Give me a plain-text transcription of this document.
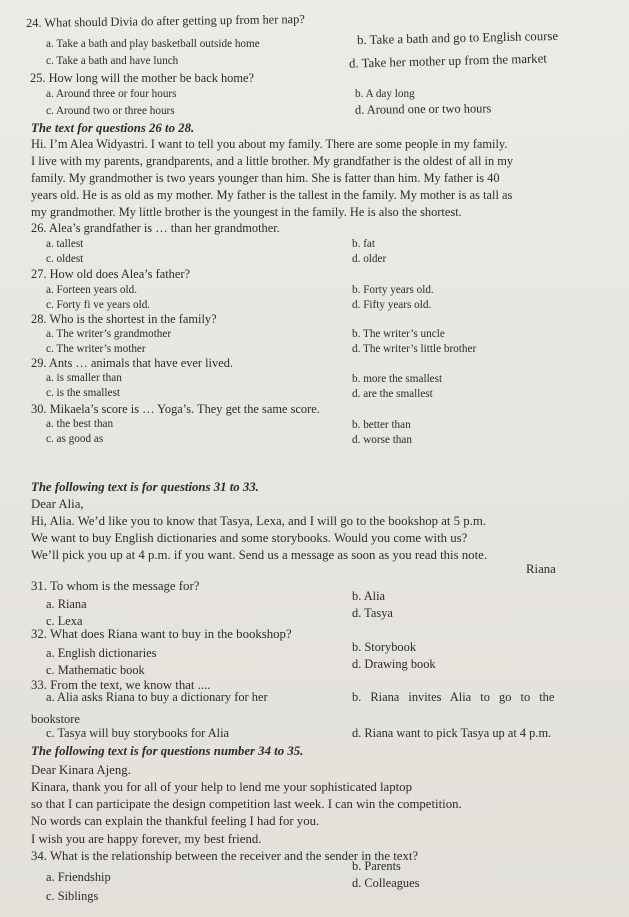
24. What should Divia do after getting up from her nap?
a. Take a bath and play basketball outside home	b. Take a bath and go to English course
c. Take a bath and have lunch	d. Take her mother up from the market
25. How long will the mother be back home?
a. Around three or four hours	b. A day long
c. Around two or three hours	d. Around one or two hours
The text for questions 26 to 28.
Hi. I’m Alea Widyastri. I want to tell you about my family. There are some people in my family.
I live with my parents, grandparents, and a little brother. My grandfather is the oldest of all in my
family. My grandmother is two years younger than him. She is fatter than him. My father is 40
years old. He is as old as my mother. My father is the tallest in the family. My mother is as tall as
my grandmother. My little brother is the youngest in the family. He is also the shortest.
26. Alea’s grandfather is … than her grandmother.
a. tallest	b. fat
c. oldest	d. older
27. How old does Alea’s father?
a. Forteen years old.	b. Forty years old.
c. Forty fi ve years old.	d. Fifty years old.
28. Who is the shortest in the family?
a. The writer’s grandmother	b. The writer’s uncle
c. The writer’s mother	d. The writer’s little brother
29. Ants … animals that have ever lived.
a. is smaller than	b. more the smallest
c. is the smallest	d. are the smallest
30. Mikaela’s score is … Yoga’s. They get the same score.
a. the best than	b. better than
c. as good as	d. worse than
The following text is for questions 31 to 33.
Dear Alia,
Hi, Alia. We’d like you to know that Tasya, Lexa, and I will go to the bookshop at 5 p.m.
We want to buy English dictionaries and some storybooks. Would you come with us?
We’ll pick you up at 4 p.m. if you want. Send us a message as soon as you read this note.
Riana
31. To whom is the message for?
a. Riana
b. Alia
c. Lexa
d. Tasya
32. What does Riana want to buy in the bookshop?
a. English dictionaries	b. Storybook
c. Mathematic book	d. Drawing book
33. From the text, we know that ....
a. Alia asks Riana to buy a dictionary for her	b. Riana invites Alia to go to the
bookstore
c. Tasya will buy storybooks for Alia	d. Riana want to pick Tasya up at 4 p.m.
The following text is for questions number 34 to 35.
Dear Kinara Ajeng.
Kinara, thank you for all of your help to lend me your sophisticated laptop
so that I can participate the design competition last week. I can win the competition.
No words can explain the thankful feeling I had for you.
I wish you are happy forever, my best friend.
34. What is the relationship between the receiver and the sender in the text?
a. Friendship
b. Parents
c. Siblings
d. Colleagues
